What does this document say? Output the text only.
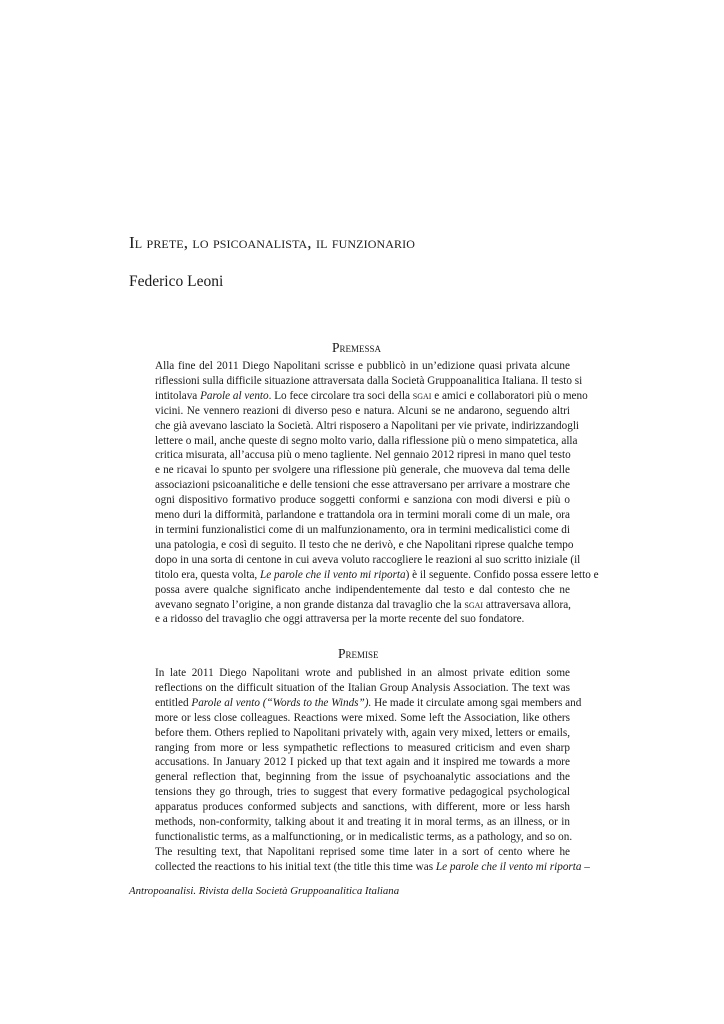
Il prete, lo psicoanalista, il funzionario

Federico Leoni

Premessa
Alla fine del 2011 Diego Napolitani scrisse e pubblicò in un’edizione quasi privata alcune
riflessioni sulla difficile situazione attraversata dalla Società Gruppoanalitica Italiana. Il testo si
intitolava Parole al vento. Lo fece circolare tra soci della sgai e amici e collaboratori più o meno
vicini. Ne vennero reazioni di diverso peso e natura. Alcuni se ne andarono, seguendo altri
che già avevano lasciato la Società. Altri risposero a Napolitani per vie private, indirizzandogli
lettere o mail, anche queste di segno molto vario, dalla riflessione più o meno simpatetica, alla
critica misurata, all’accusa più o meno tagliente. Nel gennaio 2012 ripresi in mano quel testo
e ne ricavai lo spunto per svolgere una riflessione più generale, che muoveva dal tema delle
associazioni psicoanalitiche e delle tensioni che esse attraversano per arrivare a mostrare che
ogni dispositivo formativo produce soggetti conformi e sanziona con modi diversi e più o
meno duri la difformità, parlandone e trattandola ora in termini morali come di un male, ora
in termini funzionalistici come di un malfunzionamento, ora in termini medicalistici come di
una patologia, e così di seguito. Il testo che ne derivò, e che Napolitani riprese qualche tempo
dopo in una sorta di centone in cui aveva voluto raccogliere le reazioni al suo scritto iniziale (il
titolo era, questa volta, Le parole che il vento mi riporta) è il seguente. Confido possa essere letto e
possa avere qualche significato anche indipendentemente dal testo e dal contesto che ne
avevano segnato l’origine, a non grande distanza dal travaglio che la sgai attraversava allora,
e a ridosso del travaglio che oggi attraversa per la morte recente del suo fondatore.
Premise
In late 2011 Diego Napolitani wrote and published in an almost private edition some
reflections on the difficult situation of the Italian Group Analysis Association. The text was
entitled Parole al vento (“Words to the Winds”). He made it circulate among sgai members and
more or less close colleagues. Reactions were mixed. Some left the Association, like others
before them. Others replied to Napolitani privately with, again very mixed, letters or emails,
ranging from more or less sympathetic reflections to measured criticism and even sharp
accusations. In January 2012 I picked up that text again and it inspired me towards a more
general reflection that, beginning from the issue of psychoanalytic associations and the
tensions they go through, tries to suggest that every formative pedagogical psychological
apparatus produces conformed subjects and sanctions, with different, more or less harsh
methods, non-conformity, talking about it and treating it in moral terms, as an illness, or in
functionalistic terms, as a malfunctioning, or in medicalistic terms, as a pathology, and so on.
The resulting text, that Napolitani reprised some time later in a sort of cento where he
collected the reactions to his initial text (the title this time was Le parole che il vento mi riporta –

Antropoanalisi. Rivista della Società Gruppoanalitica Italiana
